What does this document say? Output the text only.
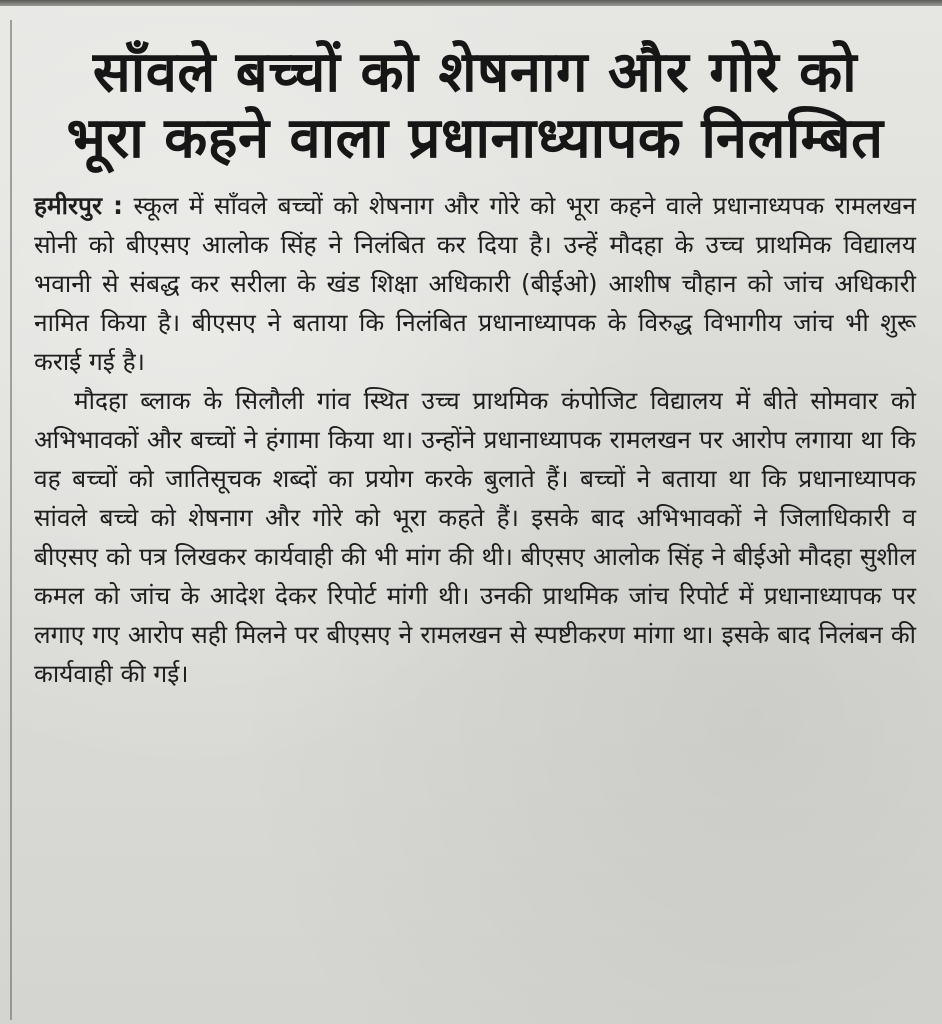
साँवले बच्चों को शेषनाग और गोरे को
भूरा कहने वाला प्रधानाध्यापक निलम्बित

हमीरपुर : स्कूल में साँवले बच्चों को शेषनाग और गोरे को भूरा कहने वाले प्रधानाध्यपक रामलखन सोनी को बीएसए आलोक सिंह ने निलंबित कर दिया है। उन्हें मौदहा के उच्च प्राथमिक विद्यालय भवानी से संबद्ध कर सरीला के खंड शिक्षा अधिकारी (बीईओ) आशीष चौहान को जांच अधिकारी नामित किया है। बीएसए ने बताया कि निलंबित प्रधानाध्यापक के विरुद्ध विभागीय जांच भी शुरू कराई गई है।

मौदहा ब्लाक के सिलौली गांव स्थित उच्च प्राथमिक कंपोजिट विद्यालय में बीते सोमवार को अभिभावकों और बच्चों ने हंगामा किया था। उन्होंने प्रधानाध्यापक रामलखन पर आरोप लगाया था कि वह बच्चों को जातिसूचक शब्दों का प्रयोग करके बुलाते हैं। बच्चों ने बताया था कि प्रधानाध्यापक सांवले बच्चे को शेषनाग और गोरे को भूरा कहते हैं। इसके बाद अभिभावकों ने जिलाधिकारी व बीएसए को पत्र लिखकर कार्यवाही की भी मांग की थी। बीएसए आलोक सिंह ने बीईओ मौदहा सुशील कमल को जांच के आदेश देकर रिपोर्ट मांगी थी। उनकी प्राथमिक जांच रिपोर्ट में प्रधानाध्यापक पर लगाए गए आरोप सही मिलने पर बीएसए ने रामलखन से स्पष्टीकरण मांगा था। इसके बाद निलंबन की कार्यवाही की गई।
